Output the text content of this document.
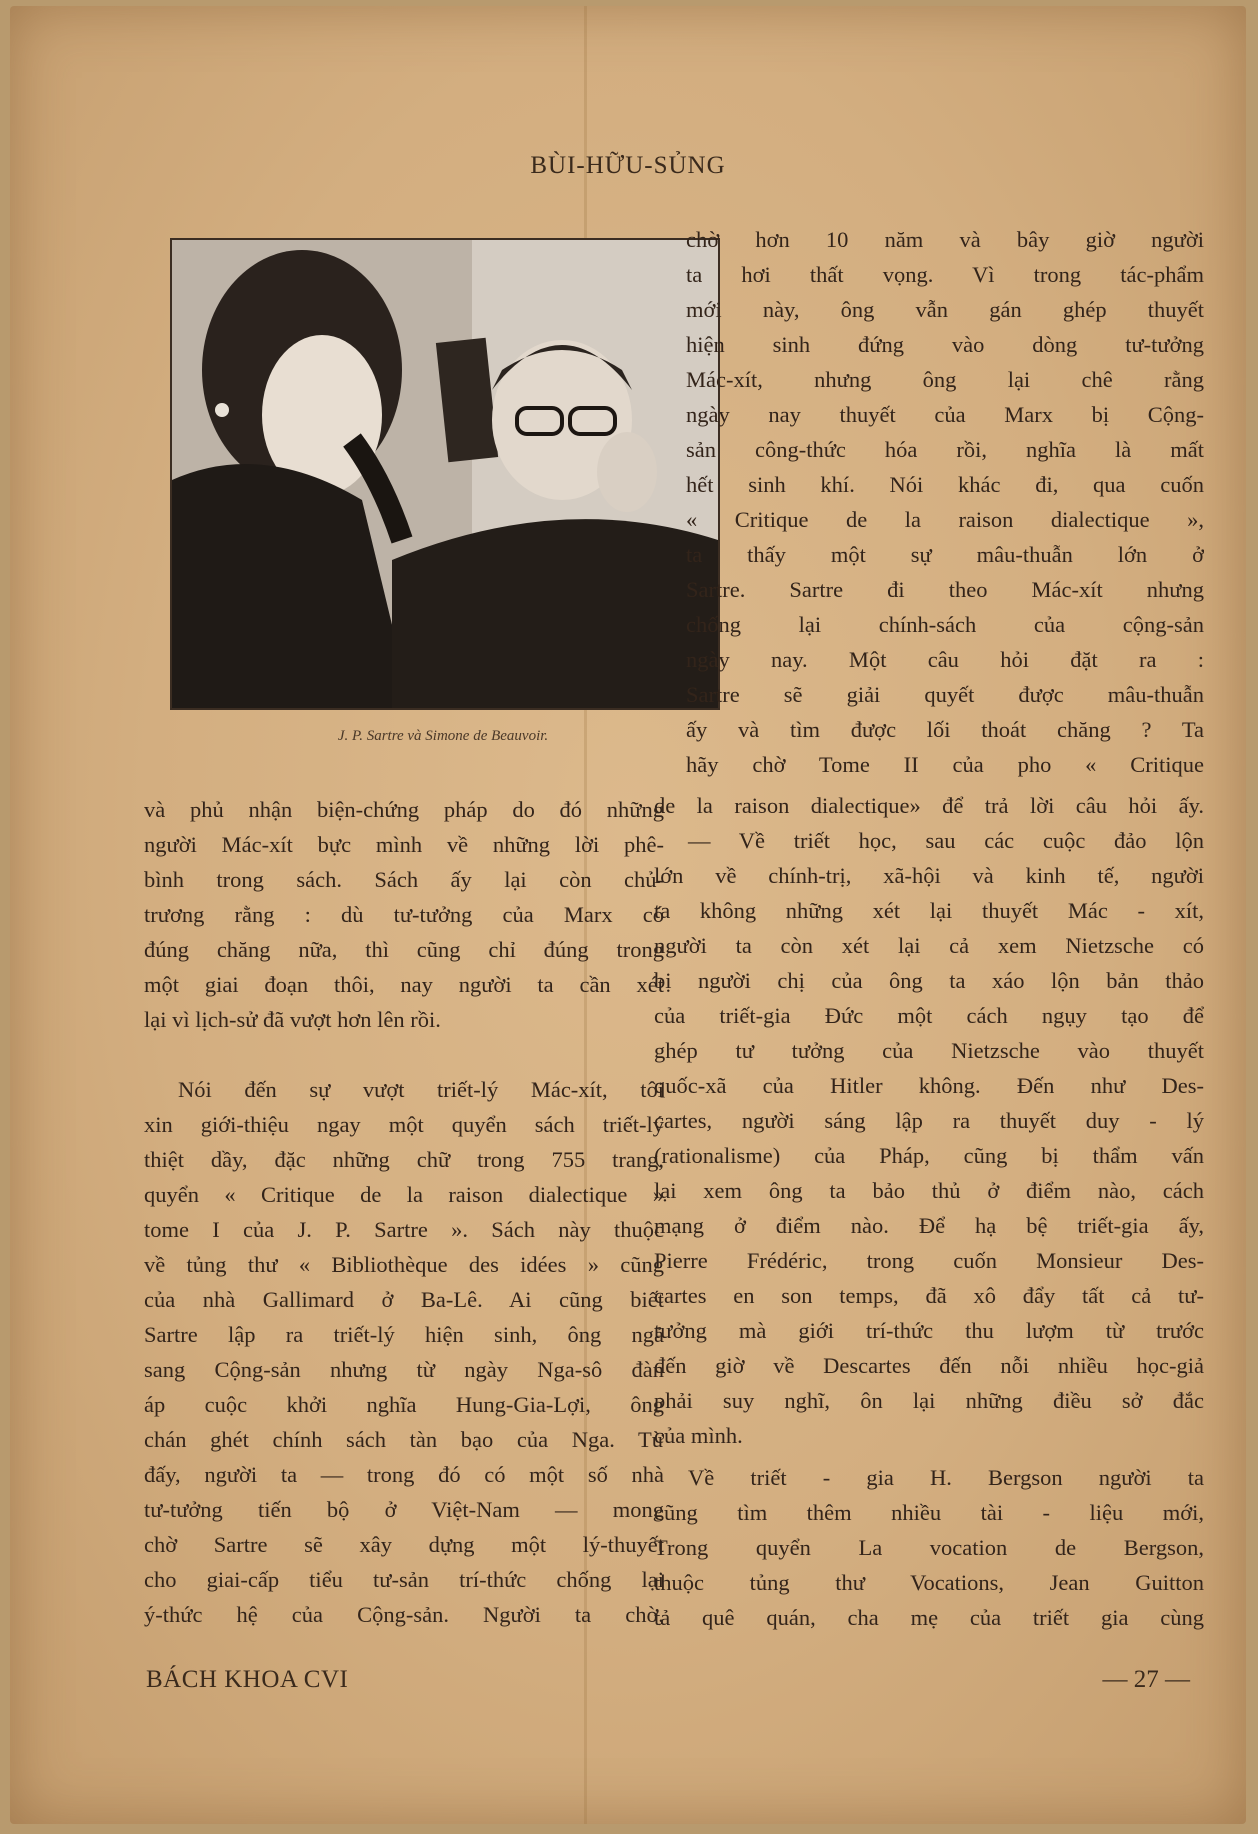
BÙI-HỮU-SỦNG
J. P. Sartre và Simone de Beauvoir.
và phủ nhận biện-chứng pháp do đó những
người Mác-xít bực mình về những lời phê-
bình trong sách. Sách ấy lại còn chủ-
trương rằng : dù tư-tưởng của Marx có
đúng chăng nữa, thì cũng chỉ đúng trong
một giai đoạn thôi, nay người ta cần xét
lại vì lịch-sử đã vượt hơn lên rồi.
Nói đến sự vượt triết-lý Mác-xít, tôi
xin giới-thiệu ngay một quyển sách triết-lý
thiệt dầy, đặc những chữ trong 755 trang,
quyển « Critique de la raison dialectique »
tome I của J. P. Sartre ». Sách này thuộc
về tủng thư « Bibliothèque des idées » cũng
của nhà Gallimard ở Ba-Lê. Ai cũng biết
Sartre lập ra triết-lý hiện sinh, ông ngả
sang Cộng-sản nhưng từ ngày Nga-sô đàn
áp cuộc khởi nghĩa Hung-Gia-Lợi, ông
chán ghét chính sách tàn bạo của Nga. Từ
đấy, người ta — trong đó có một số nhà
tư-tưởng tiến bộ ở Việt-Nam — mong
chờ Sartre sẽ xây dựng một lý-thuyết
cho giai-cấp tiểu tư-sản trí-thức chống lại
ý-thức hệ của Cộng-sản. Người ta chờ,
chờ hơn 10 năm và bây giờ người
ta hơi thất vọng. Vì trong tác-phẩm
mới này, ông vẫn gán ghép thuyết
hiện sinh đứng vào dòng tư-tưởng
Mác-xít, nhưng ông lại chê rằng
ngày nay thuyết của Marx bị Cộng-
sản công-thức hóa rồi, nghĩa là mất
hết sinh khí. Nói khác đi, qua cuốn
« Critique de la raison dialectique »,
ta thấy một sự mâu-thuẫn lớn ở
Sartre. Sartre đi theo Mác-xít nhưng
chống lại chính-sách của cộng-sản
ngày nay. Một câu hỏi đặt ra :
Sartre sẽ giải quyết được mâu-thuẫn
ấy và tìm được lối thoát chăng ? Ta
hãy chờ Tome II của pho « Critique
de la raison dialectique» để trả lời câu hỏi ấy.
— Về triết học, sau các cuộc đảo lộn
lớn về chính-trị, xã-hội và kinh tế, người
ta không những xét lại thuyết Mác - xít,
người ta còn xét lại cả xem Nietzsche có
bị người chị của ông ta xáo lộn bản thảo
của triết-gia Đức một cách ngụy tạo để
ghép tư tưởng của Nietzsche vào thuyết
quốc-xã của Hitler không. Đến như Des-
cartes, người sáng lập ra thuyết duy - lý
(rationalisme) của Pháp, cũng bị thẩm vấn
lại xem ông ta bảo thủ ở điểm nào, cách
mạng ở điểm nào. Để hạ bệ triết-gia ấy,
Pierre Frédéric, trong cuốn Monsieur Des-
cartes en son temps, đã xô đẩy tất cả tư-
tưởng mà giới trí-thức thu lượm từ trước
đến giờ về Descartes đến nỗi nhiều học-giả
phải suy nghĩ, ôn lại những điều sở đắc
của mình.
Về triết - gia H. Bergson người ta
cũng tìm thêm nhiều tài - liệu mới,
Trong quyển La vocation de Bergson,
thuộc tủng thư Vocations, Jean Guitton
tả quê quán, cha mẹ của triết gia cùng
BÁCH KHOA CVI	— 27 —
